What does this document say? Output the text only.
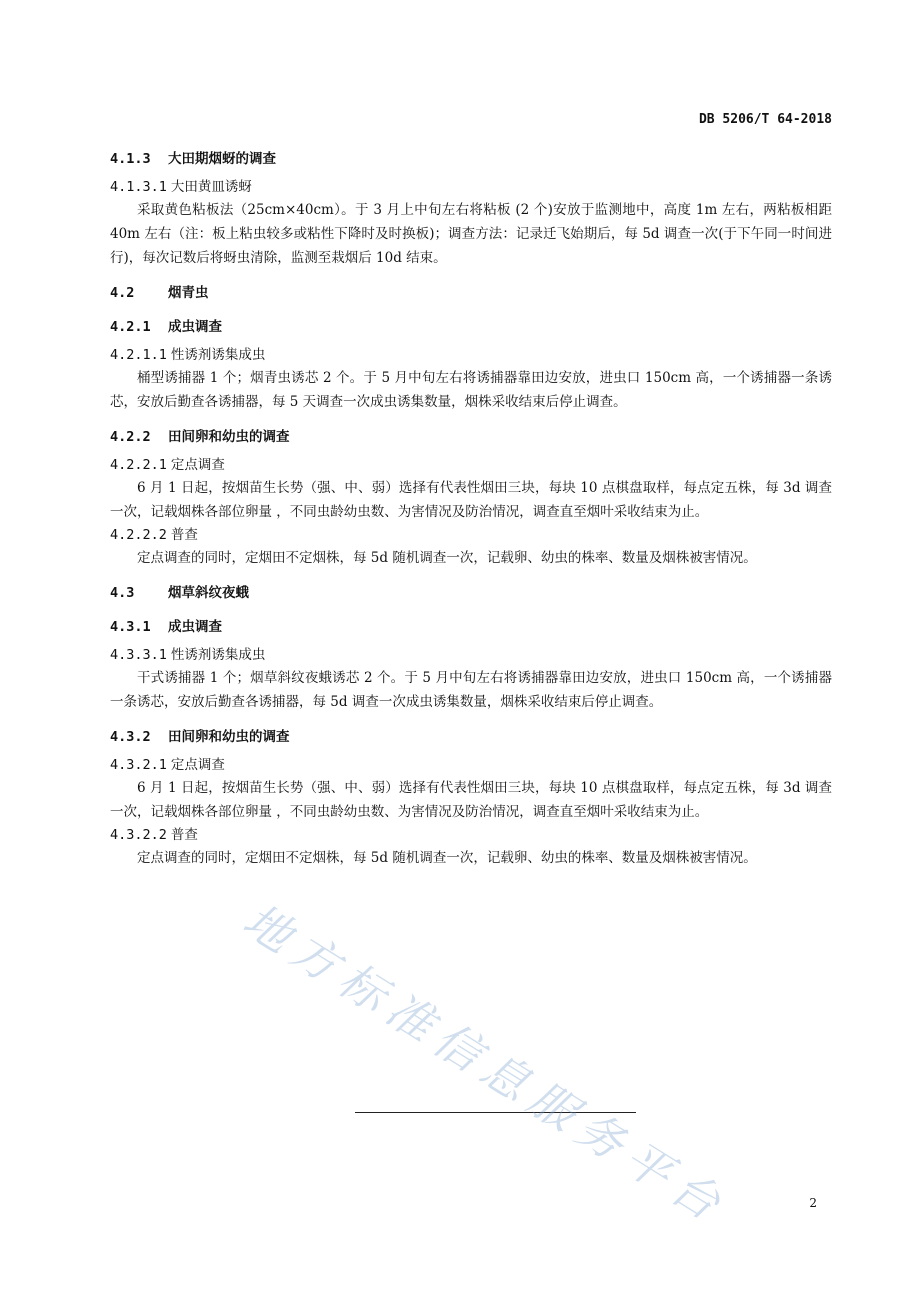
DB 5206/T 64-2018
4.1.3 大田期烟蚜的调查
4.1.3.1 大田黄皿诱蚜

采取黄色粘板法（25cm×40cm）。于 3 月上中旬左右将粘板 (2 个)安放于监测地中，高度 1m 左右，两粘板相距 40m 左右（注：板上粘虫较多或粘性下降时及时换板)；调查方法：记录迁飞始期后，每 5d 调查一次(于下午同一时间进行)，每次记数后将蚜虫清除，监测至栽烟后 10d 结束。

4.2 烟青虫
4.2.1 成虫调查
4.2.1.1 性诱剂诱集成虫

桶型诱捕器 1 个；烟青虫诱芯 2 个。于 5 月中旬左右将诱捕器靠田边安放，进虫口 150cm 高，一个诱捕器一条诱芯，安放后勤查各诱捕器，每 5 天调查一次成虫诱集数量，烟株采收结束后停止调查。

4.2.2 田间卵和幼虫的调查
4.2.2.1 定点调查

6 月 1 日起，按烟苗生长势（强、中、弱）选择有代表性烟田三块，每块 10 点棋盘取样，每点定五株，每 3d 调查一次，记载烟株各部位卵量 ，不同虫龄幼虫数、为害情况及防治情况，调查直至烟叶采收结束为止。

4.2.2.2 普查

定点调查的同时，定烟田不定烟株，每 5d 随机调查一次，记载卵、幼虫的株率、数量及烟株被害情况。

4.3 烟草斜纹夜蛾
4.3.1 成虫调查
4.3.3.1 性诱剂诱集成虫

干式诱捕器 1 个；烟草斜纹夜蛾诱芯 2 个。于 5 月中旬左右将诱捕器靠田边安放，进虫口 150cm 高，一个诱捕器一条诱芯，安放后勤查各诱捕器，每 5d 调查一次成虫诱集数量，烟株采收结束后停止调查。

4.3.2 田间卵和幼虫的调查
4.3.2.1 定点调查

6 月 1 日起，按烟苗生长势（强、中、弱）选择有代表性烟田三块，每块 10 点棋盘取样，每点定五株，每 3d 调查一次，记载烟株各部位卵量 ，不同虫龄幼虫数、为害情况及防治情况，调查直至烟叶采收结束为止。

4.3.2.2 普查

定点调查的同时，定烟田不定烟株，每 5d 随机调查一次，记载卵、幼虫的株率、数量及烟株被害情况。

2
地方标准信息服务平台
